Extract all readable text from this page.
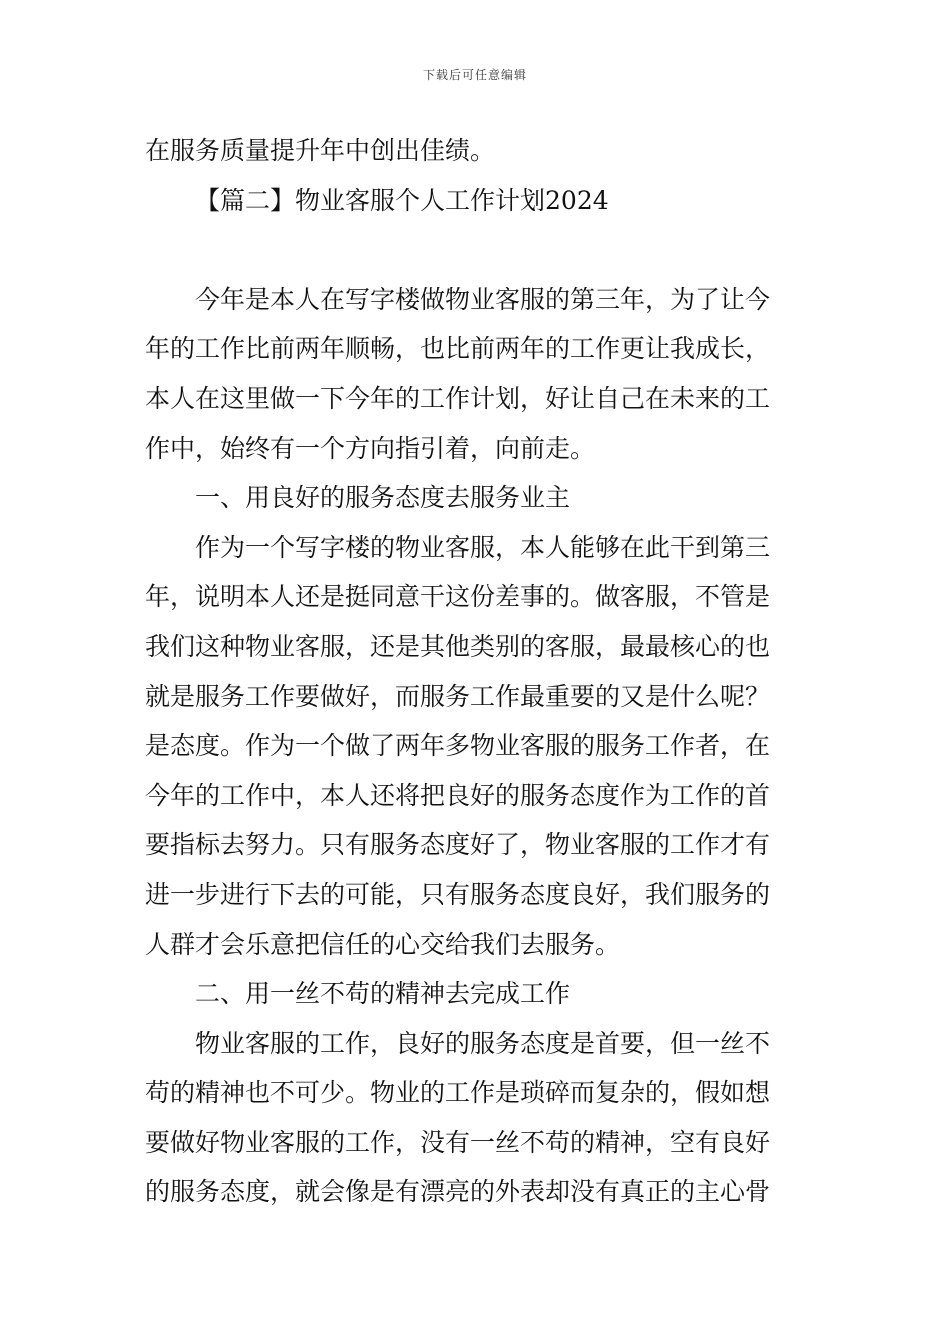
下载后可任意编辑
在服务质量提升年中创出佳绩。
【篇二】物业客服个人工作计划2024
今年是本人在写字楼做物业客服的第三年，为了让今
年的工作比前两年顺畅，也比前两年的工作更让我成长，
本人在这里做一下今年的工作计划，好让自己在未来的工
作中，始终有一个方向指引着，向前走。
一、用良好的服务态度去服务业主
作为一个写字楼的物业客服，本人能够在此干到第三
年，说明本人还是挺同意干这份差事的。做客服，不管是
我们这种物业客服，还是其他类别的客服，最最核心的也
就是服务工作要做好，而服务工作最重要的又是什么呢？
是态度。作为一个做了两年多物业客服的服务工作者，在
今年的工作中，本人还将把良好的服务态度作为工作的首
要指标去努力。只有服务态度好了，物业客服的工作才有
进一步进行下去的可能，只有服务态度良好，我们服务的
人群才会乐意把信任的心交给我们去服务。
二、用一丝不苟的精神去完成工作
物业客服的工作，良好的服务态度是首要，但一丝不
苟的精神也不可少。物业的工作是琐碎而复杂的，假如想
要做好物业客服的工作，没有一丝不苟的精神，空有良好
的服务态度，就会像是有漂亮的外表却没有真正的主心骨
